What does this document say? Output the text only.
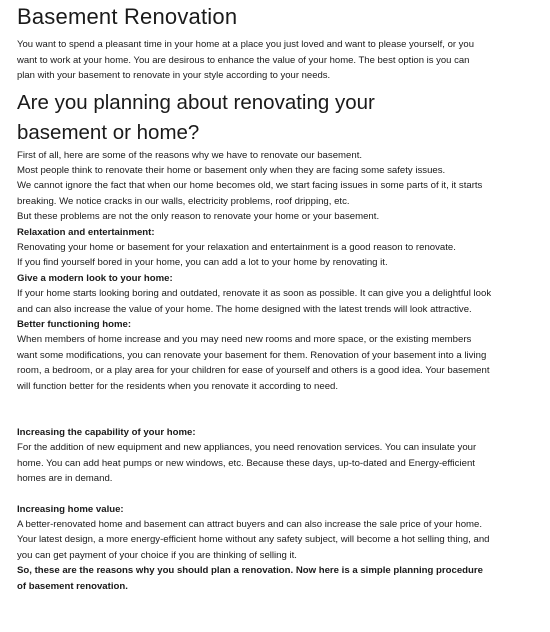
Basement Renovation

You want to spend a pleasant time in your home at a place you just loved and want to please yourself, or you want to work at your home. You are desirous to enhance the value of your home. The best option is you can plan with your basement to renovate in your style according to your needs.

Are you planning about renovating your basement or home?

First of all, here are some of the reasons why we have to renovate our basement.

Most people think to renovate their home or basement only when they are facing some safety issues.

We cannot ignore the fact that when our home becomes old, we start facing issues in some parts of it, it starts breaking. We notice cracks in our walls, electricity problems, roof dripping, etc.

But these problems are not the only reason to renovate your home or your basement.

Relaxation and entertainment:

Renovating your home or basement for your relaxation and entertainment is a good reason to renovate.

If you find yourself bored in your home, you can add a lot to your home by renovating it.

Give a modern look to your home:

If your home starts looking boring and outdated, renovate it as soon as possible. It can give you a delightful look and can also increase the value of your home. The home designed with the latest trends will look attractive.

Better functioning home:

When members of home increase and you may need new rooms and more space, or the existing members want some modifications, you can renovate your basement for them. Renovation of your basement into a living room, a bedroom, or a play area for your children for ease of yourself and others is a good idea. Your basement will function better for the residents when you renovate it according to need.

Increasing the capability of your home:

For the addition of new equipment and new appliances, you need renovation services. You can insulate your home. You can add heat pumps or new windows, etc. Because these days, up-to-dated and Energy-efficient homes are in demand.

Increasing home value:

A better-renovated home and basement can attract buyers and can also increase the sale price of your home. Your latest design, a more energy-efficient home without any safety subject, will become a hot selling thing, and you can get payment of your choice if you are thinking of selling it.

So, these are the reasons why you should plan a renovation. Now here is a simple planning procedure of basement renovation.
